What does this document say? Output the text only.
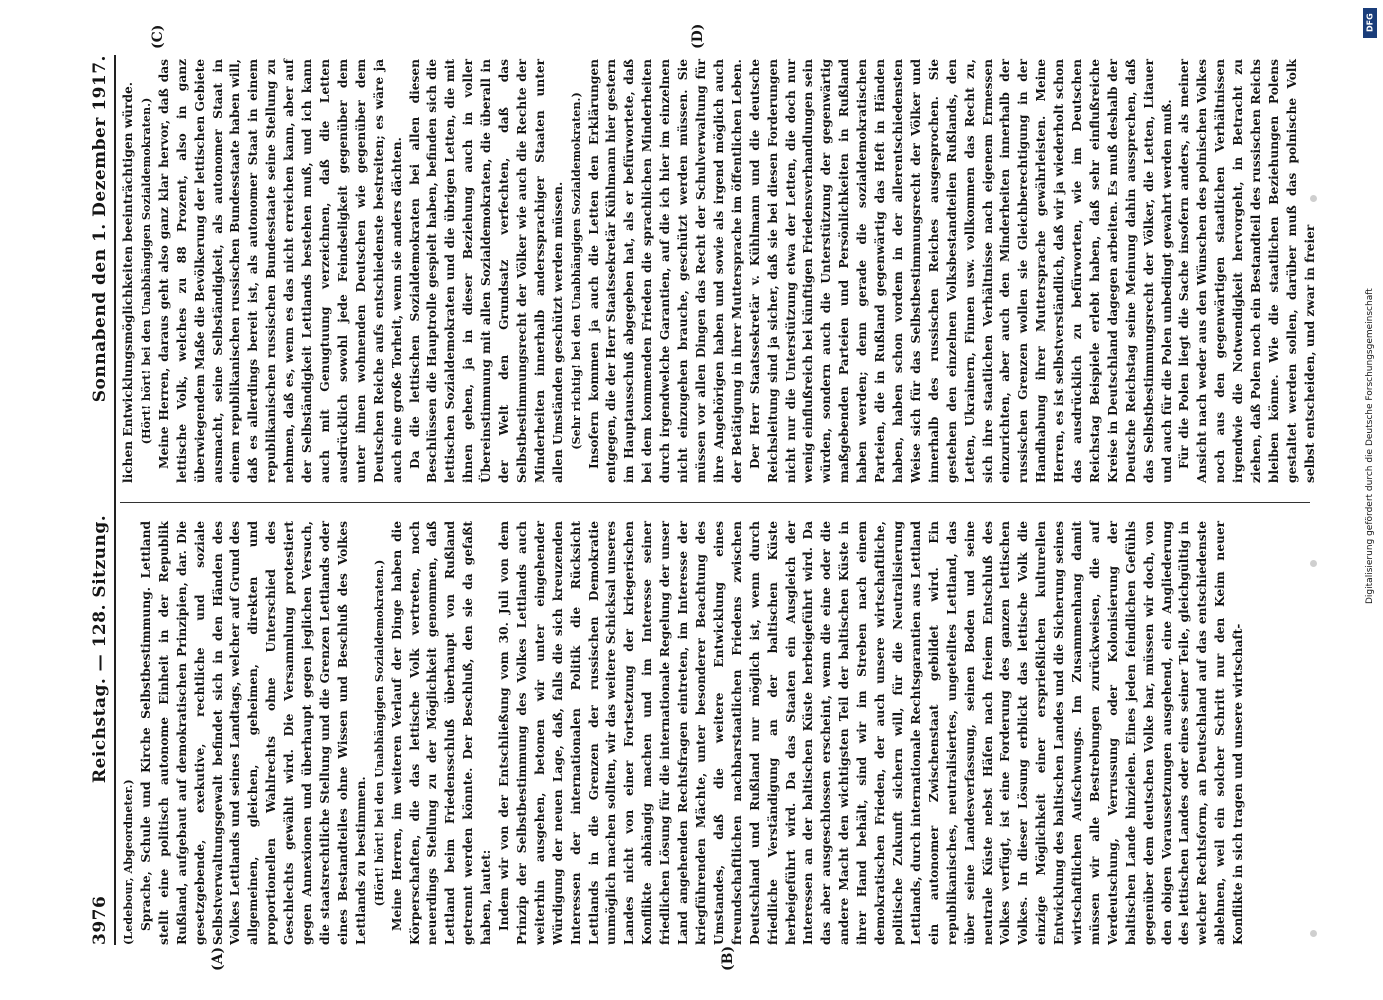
3976
Reichstag. — 128. Sitzung.
Sonnabend den 1. Dezember 1917.
(A)	(B)
(C)	(D)

(Ledebour, Abgeordneter.) Sprache, Schule und Kirche Selbstbestimmung. Lettland stellt eine politisch autonome Einheit in der Republik Rußland, aufgebaut auf demokratischen Prinzipien, dar. Die gesetzgebende, exekutive, rechtliche und soziale Selbstverwaltungsgewalt befindet sich in den Händen des Volkes Lettlands und seines Landtags, welcher auf Grund des allgemeinen, gleichen, geheimen, direkten und proportionellen Wahlrechts ohne Unterschied des Geschlechts gewählt wird. Die Versammlung protestiert gegen Annexionen und überhaupt gegen jeglichen Versuch, die staatsrechtliche Stellung und die Grenzen Lettlands oder eines Bestandteiles ohne Wissen und Beschluß des Volkes Lettlands zu bestimmen. (Hört! hört! bei den Unabhängigen Sozialdemokraten.) Meine Herren, im weiteren Verlauf der Dinge haben die Körperschaften, die das lettische Volk vertreten, noch neuerdings Stellung zu der Möglichkeit genommen, daß Lettland beim Friedensschluß überhaupt von Rußland getrennt werden könnte. Der Beschluß, den sie da gefaßt haben, lautet: Indem wir von der Entschließung vom 30. Juli von dem Prinzip der Selbstbestimmung des Volkes Lettlands auch weiterhin ausgehen, betonen wir unter eingehender Würdigung der neuen Lage, daß, falls die sich kreuzenden Interessen der internationalen Politik die Rücksicht Lettlands in die Grenzen der russischen Demokratie unmöglich machen sollten, wir das weitere Schicksal unseres Landes nicht von einer Fortsetzung der kriegerischen Konflikte abhängig machen und im Interesse seiner friedlichen Lösung für die internationale Regelung der unser Land angehenden Rechtsfragen eintreten, im Interesse der kriegführenden Mächte, unter besonderer Beachtung des Umstandes, daß die weitere Entwicklung eines freundschaftlichen nachbarstaatlichen Friedens zwischen Deutschland und Rußland nur möglich ist, wenn durch friedliche Verständigung an der baltischen Küste herbeigeführt wird. Da das Staaten ein Ausgleich der Interessen an der baltischen Küste herbeigeführt wird. Da das aber ausgeschlossen erscheint, wenn die eine oder die andere Macht den wichtigsten Teil der baltischen Küste in ihrer Hand behält, sind wir im Streben nach einem demokratischen Frieden, der auch unsere wirtschaftliche, politische Zukunft sichern will, für die Neutralisierung Lettlands, durch internationale Rechtsgarantien aus Lettland ein autonomer Zwischenstaat gebildet wird. Ein republikanisches, neutralisiertes, ungeteiltes Lettland, das über seine Landesverfassung, seinen Boden und seine neutrale Küste nebst Häfen nach freiem Entschluß des Volkes verfügt, ist eine Forderung des ganzen lettischen Volkes. In dieser Lösung erblickt das lettische Volk die einzige Möglichkeit einer ersprießlichen kulturellen Entwicklung des baltischen Landes und die Sicherung seines wirtschaftlichen Aufschwungs. Im Zusammenhang damit müssen wir alle Bestrebungen zurückweisen, die auf Verdeutschung, Verrussung oder Kolonisierung der baltischen Lande hinzielen. Eines jeden feindlichen Gefühls gegenüber dem deutschen Volke bar, müssen wir doch, von den obigen Voraussetzungen ausgehend, eine Angliederung des lettischen Landes oder eines seiner Teile, gleichgültig in welcher Rechtsform, an Deutschland auf das entschiedenste ablehnen, weil ein solcher Schritt nur den Keim neuer Konflikte in sich tragen und unsere wirtschaft-

lichen Entwicklungsmöglichkeiten beeinträchtigen würde. (Hört! hört! bei den Unabhängigen Sozialdemokraten.) Meine Herren, daraus geht also ganz klar hervor, daß das lettische Volk, welches zu 88 Prozent, also in ganz überwiegendem Maße die Bevölkerung der lettischen Gebiete ausmacht, seine Selbständigkeit, als autonomer Staat in einem republikanischen russischen Bundesstaate haben will, daß es allerdings bereit ist, als autonomer Staat in einem republikanischen russischen Bundesstaate seine Stellung zu nehmen, daß es, wenn es das nicht erreichen kann, aber auf der Selbständigkeit Lettlands bestehen muß, und ich kann auch mit Genugtuung verzeichnen, daß die Letten ausdrücklich sowohl jede Feindseligkeit gegenüber dem unter ihnen wohnenden Deutschen wie gegenüber dem Deutschen Reiche aufs entschiedenste bestreiten; es wäre ja auch eine große Torheit, wenn sie anders dächten. Da die lettischen Sozialdemokraten bei allen diesen Beschlüssen die Hauptrolle gespielt haben, befinden sich die lettischen Sozialdemokraten und die übrigen Letten, die mit ihnen gehen, ja in dieser Beziehung auch in voller Übereinstimmung mit allen Sozialdemokraten, die überall in der Welt den Grundsatz verfechten, daß das Selbstbestimmungsrecht der Völker wie auch die Rechte der Minderheiten innerhalb anderssprachiger Staaten unter allen Umständen geschützt werden müssen. (Sehr richtig! bei den Unabhängigen Sozialdemokraten.) Insofern kommen ja auch die Letten den Erklärungen entgegen, die der Herr Staatssekretär Kühlmann hier gestern im Hauptausschuß abgegeben hat, als er befürwortete, daß bei dem kommenden Frieden die sprachlichen Minderheiten durch irgendwelche Garantien, auf die ich hier im einzelnen nicht einzugehen brauche, geschützt werden müssen. Sie müssen vor allen Dingen das Recht der Schulverwaltung für ihre Angehörigen haben und sowie als irgend möglich auch der Betätigung in ihrer Muttersprache im öffentlichen Leben. Der Herr Staatssekretär v. Kühlmann und die deutsche Reichsleitung sind ja sicher, daß sie bei diesen Forderungen nicht nur die Unterstützung etwa der Letten, die doch nur wenig einflußreich bei künftigen Friedensverhandlungen sein würden, sondern auch die Unterstützung der gegenwärtig maßgebenden Parteien und Persönlichkeiten in Rußland haben werden; denn gerade die sozialdemokratischen Parteien, die in Rußland gegenwärtig das Heft in Händen haben, haben schon vordem in der allerentschiedensten Weise sich für das Selbstbestimmungsrecht der Völker und innerhalb des russischen Reiches ausgesprochen. Sie gestehen den einzelnen Volksbestandteilen Rußlands, den Letten, Ukrainern, Finnen usw. vollkommen das Recht zu, sich ihre staatlichen Verhältnisse nach eigenem Ermessen einzurichten, aber auch den Minderheiten innerhalb der russischen Grenzen wollen sie Gleichberechtigung in der Handhabung ihrer Muttersprache gewährleisten. Meine Herren, es ist selbstverständlich, daß wir ja wiederholt schon das ausdrücklich zu befürworten, wie im Deutschen Reichstag Beispiele erlebt haben, daß sehr einflußreiche Kreise in Deutschland dagegen arbeiten. Es muß deshalb der Deutsche Reichstag seine Meinung dahin aussprechen, daß das Selbstbestimmungsrecht der Völker, die Letten, Litauer und auch für die Polen unbedingt gewahrt werden muß. Für die Polen liegt die Sache insofern anders, als meiner Ansicht nach weder aus den Wünschen des polnischen Volkes noch aus den gegenwärtigen staatlichen Verhältnissen irgendwie die Notwendigkeit hervorgeht, in Betracht zu ziehen, daß Polen noch ein Bestandteil des russischen Reichs bleiben könne. Wie die staatlichen Beziehungen Polens gestaltet werden sollen, darüber muß das polnische Volk selbst entscheiden, und zwar in freier

DFG
Digitalisierung gefördert durch die Deutsche Forschungsgemeinschaft
